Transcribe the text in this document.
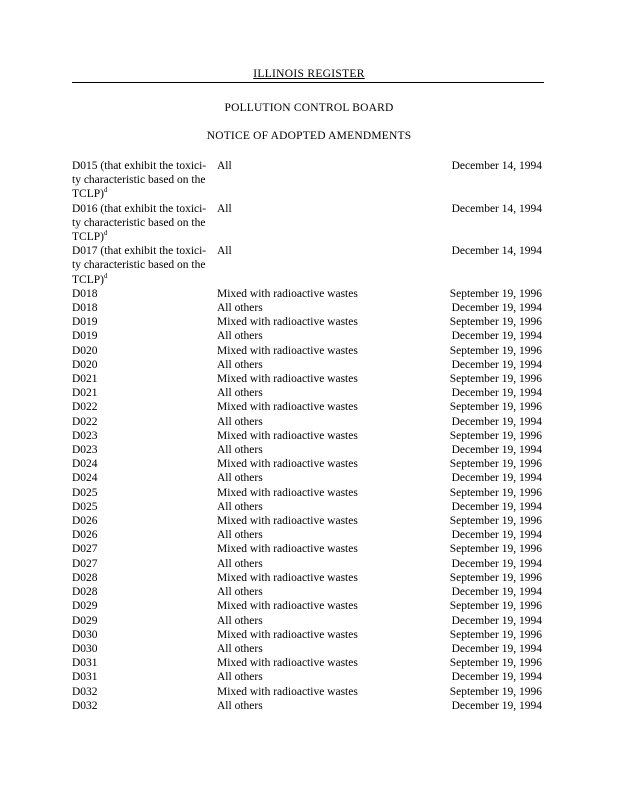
ILLINOIS REGISTER
POLLUTION CONTROL BOARD
NOTICE OF ADOPTED AMENDMENTS
D015 (that exhibit the toxici-
ty characteristic based on the
TCLP)$^d$
All	December 14, 1994
D016 (that exhibit the toxici-
ty characteristic based on the
TCLP)$^d$
All	December 14, 1994
D017 (that exhibit the toxici-
ty characteristic based on the
TCLP)$^d$
All	December 14, 1994
D018	Mixed with radioactive wastes	September 19, 1996
D018	All others	December 19, 1994
D019	Mixed with radioactive wastes	September 19, 1996
D019	All others	December 19, 1994
D020	Mixed with radioactive wastes	September 19, 1996
D020	All others	December 19, 1994
D021	Mixed with radioactive wastes	September 19, 1996
D021	All others	December 19, 1994
D022	Mixed with radioactive wastes	September 19, 1996
D022	All others	December 19, 1994
D023	Mixed with radioactive wastes	September 19, 1996
D023	All others	December 19, 1994
D024	Mixed with radioactive wastes	September 19, 1996
D024	All others	December 19, 1994
D025	Mixed with radioactive wastes	September 19, 1996
D025	All others	December 19, 1994
D026	Mixed with radioactive wastes	September 19, 1996
D026	All others	December 19, 1994
D027	Mixed with radioactive wastes	September 19, 1996
D027	All others	December 19, 1994
D028	Mixed with radioactive wastes	September 19, 1996
D028	All others	December 19, 1994
D029	Mixed with radioactive wastes	September 19, 1996
D029	All others	December 19, 1994
D030	Mixed with radioactive wastes	September 19, 1996
D030	All others	December 19, 1994
D031	Mixed with radioactive wastes	September 19, 1996
D031	All others	December 19, 1994
D032	Mixed with radioactive wastes	September 19, 1996
D032	All others	December 19, 1994
